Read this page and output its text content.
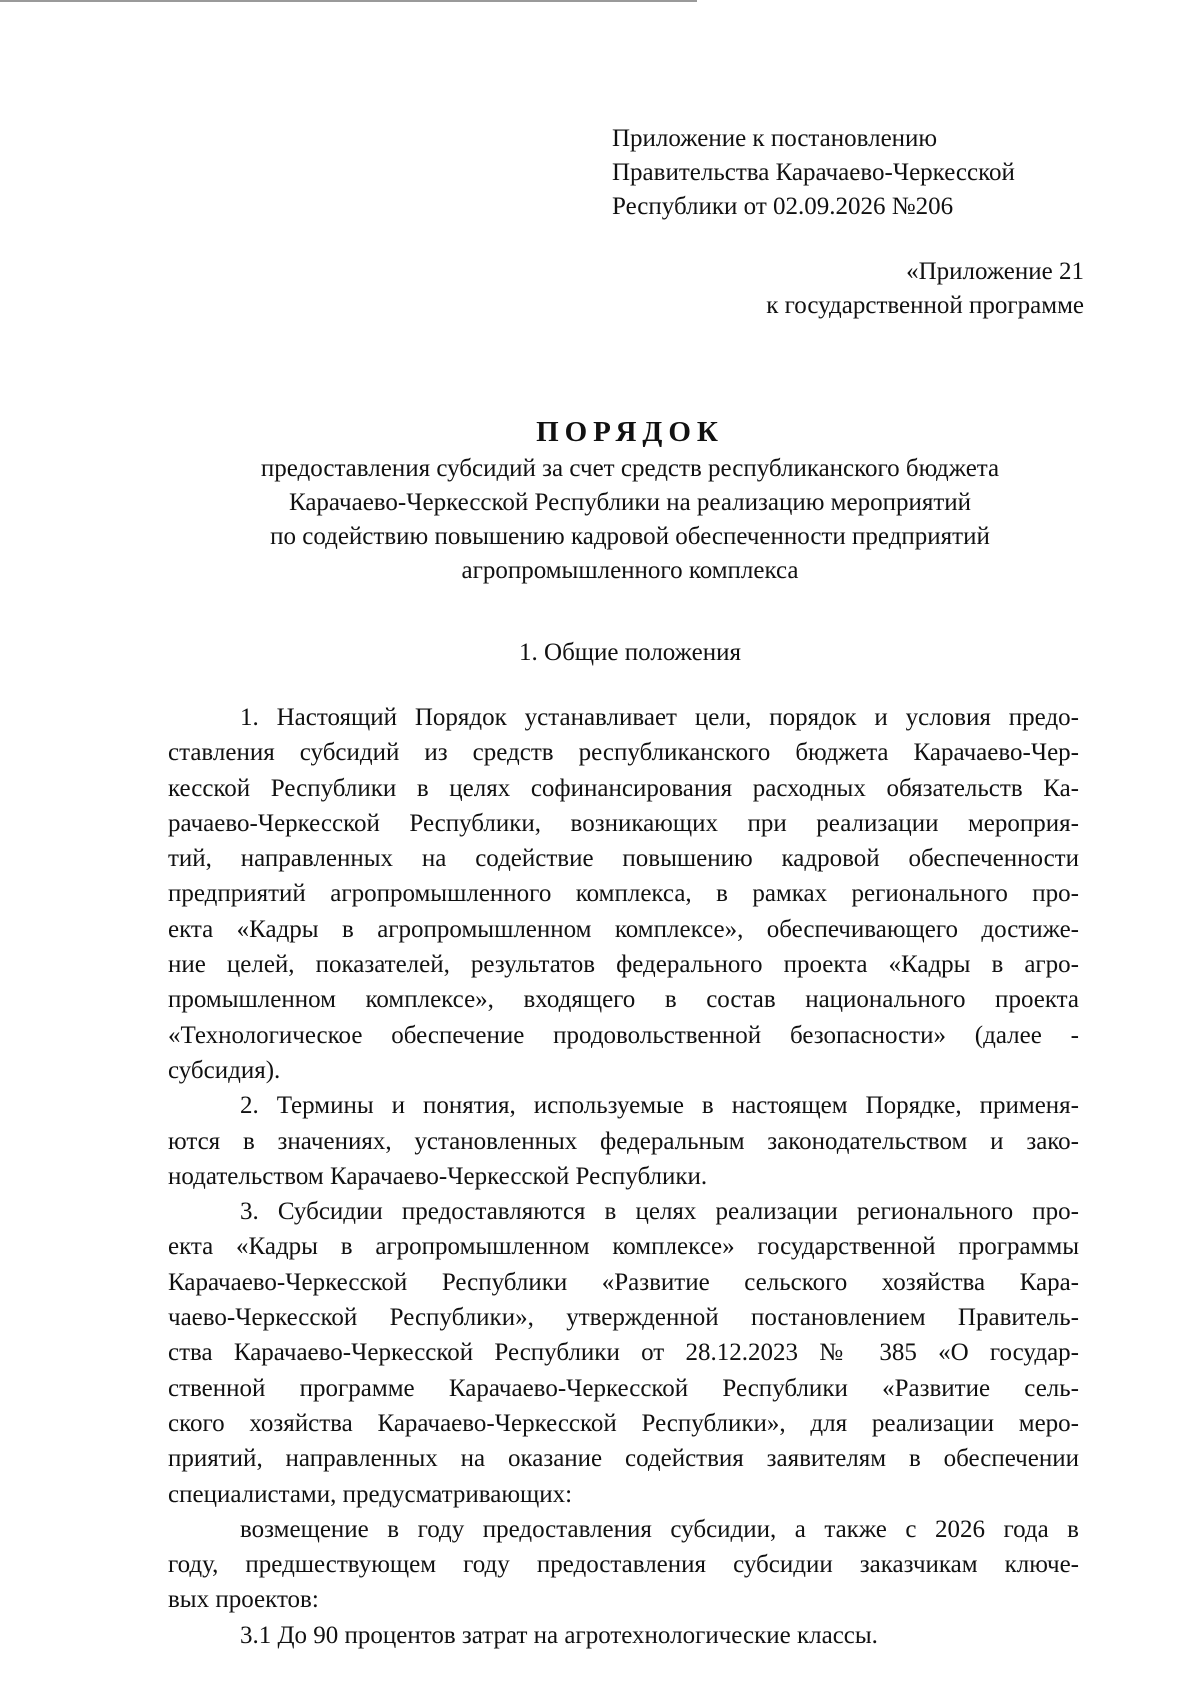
Приложение к постановлению
Правительства Карачаево-Черкесской
Республики от 02.09.2026 №206
«Приложение 21
к государственной программе
ПОРЯДОК
предоставления субсидий за счет средств республиканского бюджета
Карачаево-Черкесской Республики на реализацию мероприятий
по содействию повышению кадровой обеспеченности предприятий
агропромышленного комплекса
1. Общие положения
1. Настоящий Порядок устанавливает цели, порядок и условия предо-
ставления субсидий из средств республиканского бюджета Карачаево-Чер-
кесской Республики в целях софинансирования расходных обязательств Ка-
рачаево-Черкесской Республики, возникающих при реализации мероприя-
тий, направленных на содействие повышению кадровой обеспеченности
предприятий агропромышленного комплекса, в рамках регионального про-
екта «Кадры в агропромышленном комплексе», обеспечивающего достиже-
ние целей, показателей, результатов федерального проекта «Кадры в агро-
промышленном комплексе», входящего в состав национального проекта
«Технологическое обеспечение продовольственной безопасности» (далее -
субсидия).
2. Термины и понятия, используемые в настоящем Порядке, применя-
ются в значениях, установленных федеральным законодательством и зако-
нодательством Карачаево-Черкесской Республики.
3. Субсидии предоставляются в целях реализации регионального про-
екта «Кадры в агропромышленном комплексе» государственной программы
Карачаево-Черкесской Республики «Развитие сельского хозяйства Кара-
чаево-Черкесской Республики», утвержденной постановлением Правитель-
ства Карачаево-Черкесской Республики от 28.12.2023 № 385 «О государ-
ственной программе Карачаево-Черкесской Республики «Развитие сель-
ского хозяйства Карачаево-Черкесской Республики», для реализации меро-
приятий, направленных на оказание содействия заявителям в обеспечении
специалистами, предусматривающих:
возмещение в году предоставления субсидии, а также с 2026 года в
году, предшествующем году предоставления субсидии заказчикам ключе-
вых проектов:
3.1 До 90 процентов затрат на агротехнологические классы.
